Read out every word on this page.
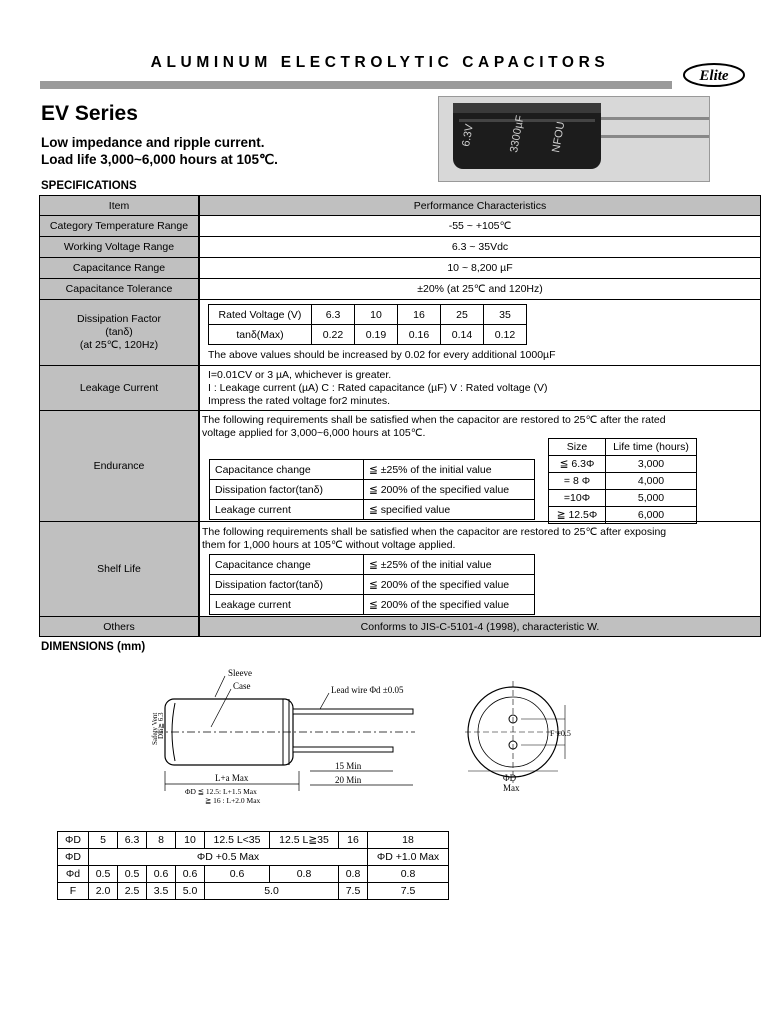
ALUMINUM ELECTROLYTIC CAPACITORS
Elite
EV Series
Low impedance and ripple current.
Load life 3,000~6,000 hours at 105℃.
6.3V	3300µF NFOU
SPECIFICATIONS
Item	Performance Characteristics
Category Temperature Range	-55 ~ +105℃
Working Voltage Range	6.3 ~ 35Vdc
Capacitance Range	10 ~ 8,200 µF
Capacitance Tolerance	±20% (at 25℃ and 120Hz)

Dissipation Factor
(tanδ)
(at 25℃, 120Hz)

Rated Voltage (V)	6.3	10	16	25	35
tanδ(Max)	0.22	0.19	0.16	0.14	0.12
The above values should be increased by 0.02 for every additional 1000µF

Leakage Current	
I=0.01CV or 3 µA, whichever is greater.
I : Leakage current (µA) C : Rated capacitance (µF) V : Rated voltage (V)
Impress the rated voltage for2 minutes.

Endurance	
The following requirements shall be satisfied when the capacitor are restored to 25℃ after the rated
voltage applied for 3,000~6,000 hours at 105℃.
Capacitance change	≦ ±25% of the initial value
Dissipation factor(tanδ)	≦ 200% of the specified value
Leakage current	≦ specified value
Size	Life time (hours)
≦ 6.3Φ	3,000
= 8 Φ	4,000
=10Φ	5,000
≧ 12.5Φ	6,000

Shelf Life	
The following requirements shall be satisfied when the capacitor are restored to 25℃ after exposing
them for 1,000 hours at 105℃ without voltage applied.
Capacitance change	≦ ±25% of the initial value
Dissipation factor(tanδ)	≦ 200% of the specified value
Leakage current	≦ 200% of the specified value

Others	Conforms to JIS-C-5101-4 (1998), characteristic W.
DIMENSIONS (mm)
Sleeve
Case
Safety Vent
Dia≧ 6.3
Lead wire Φd ±0.05
L+a Max
15 Min
20 Min
ΦD ≦ 12.5: L+1.5 Max
≧ 16 : L+2.0 Max
F ±0.5
ΦD
Max
ΦD	5	6.3	8	10	12.5 L<35	12.5 L≧35	16	18
ΦD	ΦD +0.5 Max							ΦD +1.0 Max
Φd	0.5	0.5	0.6	0.6	0.6	0.8	0.8	0.8
F	2.0	2.5	3.5	5.0	5.0		7.5	7.5
